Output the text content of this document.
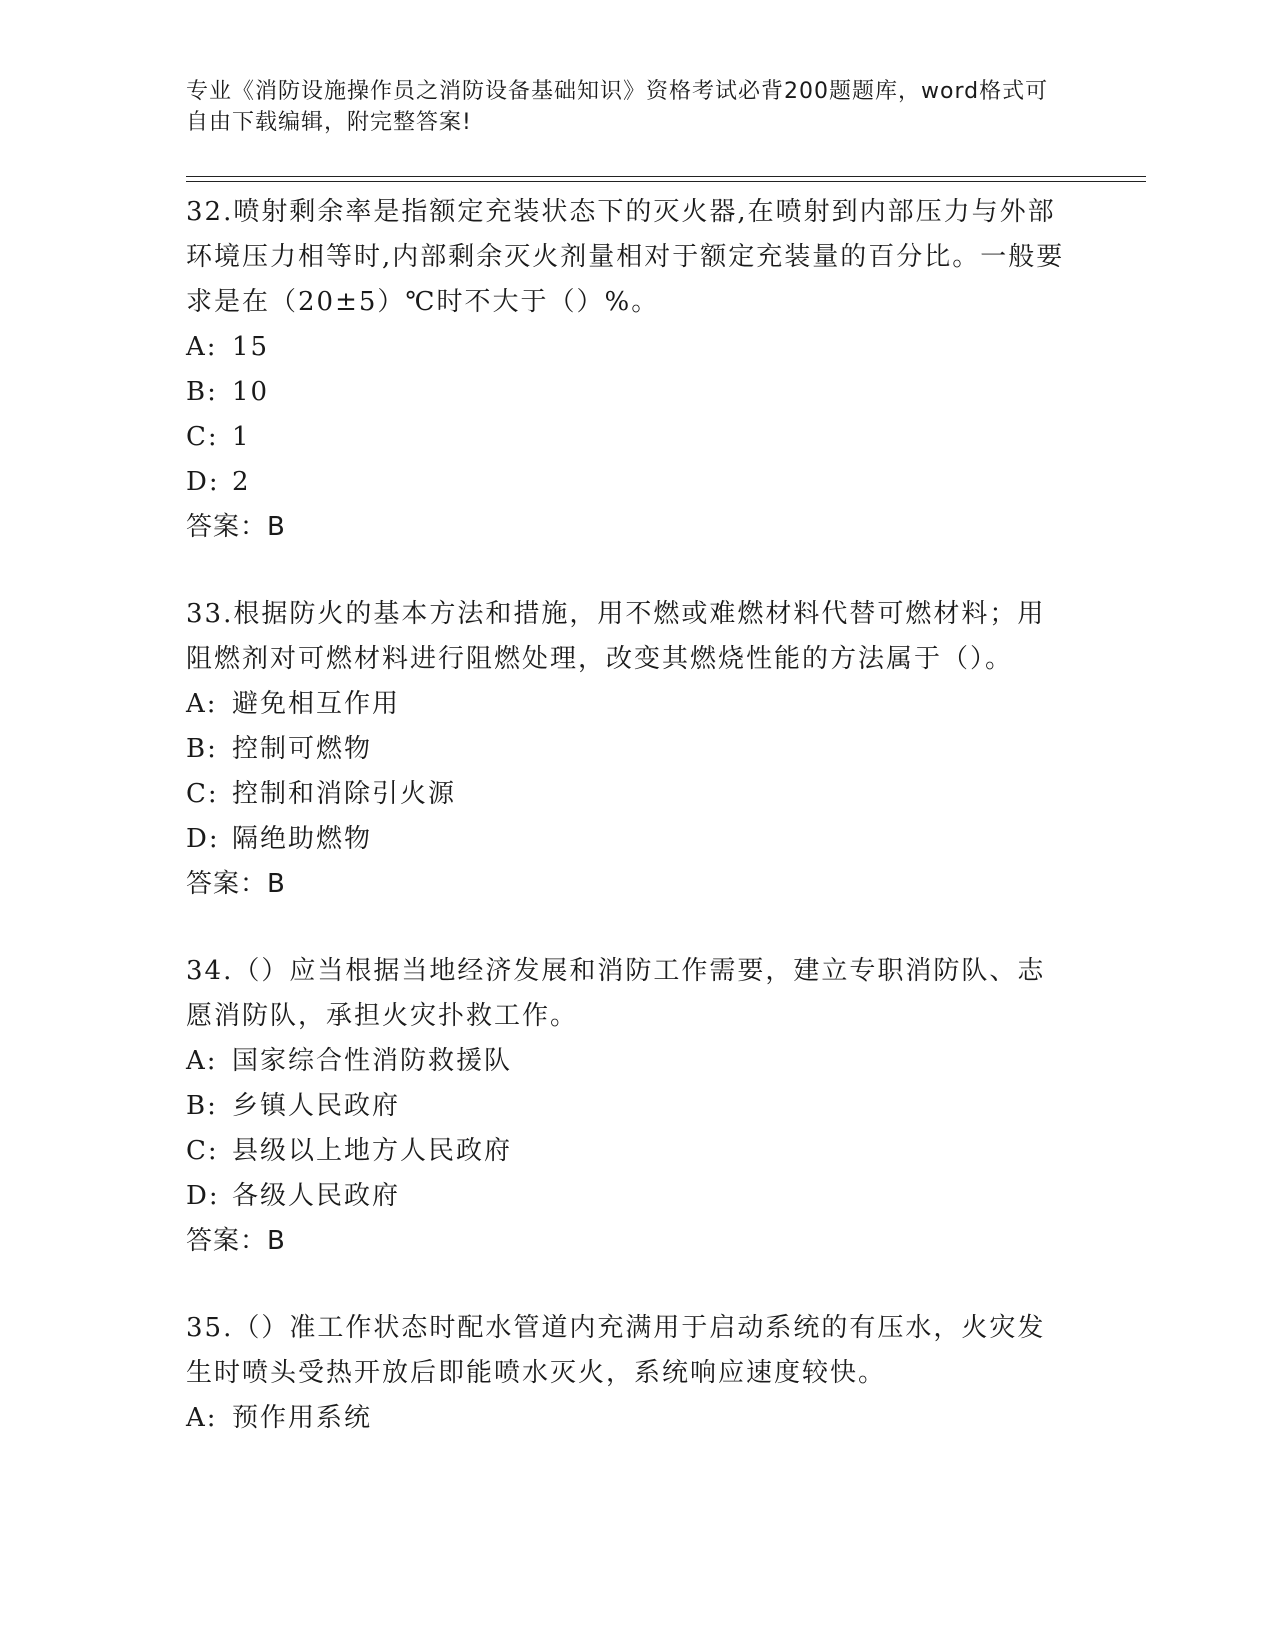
专业《消防设施操作员之消防设备基础知识》资格考试必背200题题库，word格式可自由下载编辑，附完整答案!

32.喷射剩余率是指额定充装状态下的灭火器,在喷射到内部压力与外部环境压力相等时,内部剩余灭火剂量相对于额定充装量的百分比。一般要求是在（20±5）℃时不大于（）%。

A: 15

B: 10

C: 1

D: 2

答案：B

33.根据防火的基本方法和措施，用不燃或难燃材料代替可燃材料；用阻燃剂对可燃材料进行阻燃处理，改变其燃烧性能的方法属于（）。

A: 避免相互作用

B: 控制可燃物

C: 控制和消除引火源

D: 隔绝助燃物

答案：B

34.（）应当根据当地经济发展和消防工作需要，建立专职消防队、志愿消防队，承担火灾扑救工作。

A: 国家综合性消防救援队

B: 乡镇人民政府

C: 县级以上地方人民政府

D: 各级人民政府

答案：B

35.（）准工作状态时配水管道内充满用于启动系统的有压水，火灾发生时喷头受热开放后即能喷水灭火，系统响应速度较快。

A: 预作用系统
